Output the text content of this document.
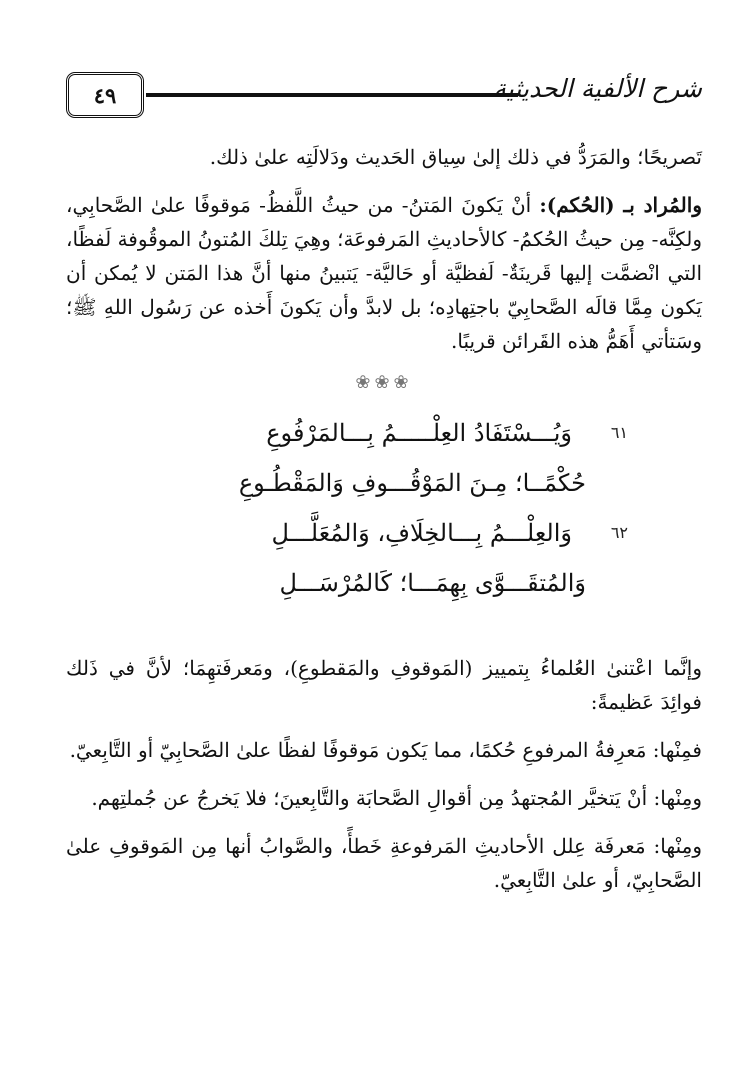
٤٩	شرح الألفية الحديثية

تَصريحًا؛ والمَرَدُّ في ذلك إلىٰ سِياق الحَديث ودَلالَتِه علىٰ ذلك.

والمُراد بـ (الحُكم): أنْ يَكونَ المَتنُ- من حيثُ اللَّفظُ- مَوقوفًا علىٰ الصَّحابِي، ولكِنَّه- مِن حيثُ الحُكمُ- كالأحاديثِ المَرفوعَة؛ وهِيَ تِلكَ المُتونُ الموقُوفة لَفظًا، التي انْضمَّت إليها قَرينَةٌ- لَفظيَّة أو حَاليَّة- يَتبينُ منها أنَّ هذا المَتن لا يُمكن أن يَكون مِمَّا قالَه الصَّحابِيّ باجتِهادِه؛ بل لابدَّ وأن يَكونَ أَخذه عن رَسُول اللهِ ﷺ؛ وسَتأتي أَهَمُّ هذه القَرائن قريبًا.

❀❀❀
٦١
وَيُـــسْتَفَادُ العِلْـــــمُ بِـــالمَرْفُوعِ
حُكْمًــا؛ مِـنَ المَوْقُـــوفِ وَالمَقْطُـوعِ
٦٢
وَالعِلْـــمُ بِـــالخِلَافِ، وَالمُعَلَّـــلِ
وَالمُتقَـــوَّى بِهِمَـــا؛ كَالمُرْسَـــلِ

وإنَّما اعْتنىٰ العُلماءُ بِتمييز (المَوقوفِ والمَقطوعِ)، ومَعرفَتهِمَا؛ لأنَّ في ذَلك فوائِدَ عَظيمةً:

فمِنْها: مَعرِفةُ المرفوعِ حُكمًا، مما يَكون مَوقوفًا لفظًا علىٰ الصَّحابِيّ أو التَّابِعيّ.

ومِنْها: أنْ يَتخيَّر المُجتهدُ مِن أقوالِ الصَّحابَة والتَّابِعينَ؛ فلا يَخرجُ عن جُملتِهم.

ومِنْها: مَعرفَة عِلل الأحاديثِ المَرفوعةِ خَطأً، والصَّوابُ أنها مِن المَوقوفِ علىٰ الصَّحابِيّ، أو علىٰ التَّابِعيّ.
